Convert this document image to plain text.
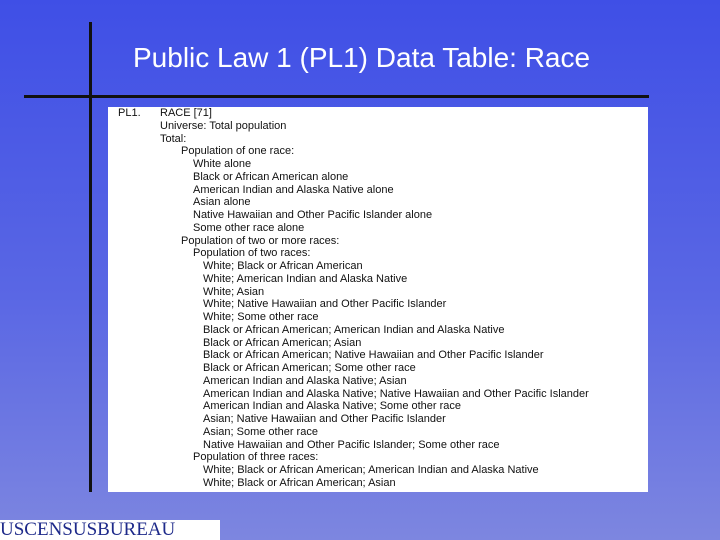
Public Law 1 (PL1) Data Table: Race
PL1. RACE [71]
Universe: Total population
Total:
Population of one race:
White alone
Black or African American alone
American Indian and Alaska Native alone
Asian alone
Native Hawaiian and Other Pacific Islander alone
Some other race alone
Population of two or more races:
Population of two races:
White; Black or African American
White; American Indian and Alaska Native
White; Asian
White; Native Hawaiian and Other Pacific Islander
White; Some other race
Black or African American; American Indian and Alaska Native
Black or African American; Asian
Black or African American; Native Hawaiian and Other Pacific Islander
Black or African American; Some other race
American Indian and Alaska Native; Asian
American Indian and Alaska Native; Native Hawaiian and Other Pacific Islander
American Indian and Alaska Native; Some other race
Asian; Native Hawaiian and Other Pacific Islander
Asian; Some other race
Native Hawaiian and Other Pacific Islander; Some other race
Population of three races:
White; Black or African American; American Indian and Alaska Native
White; Black or African American; Asian
USCENSUSBUREAU
